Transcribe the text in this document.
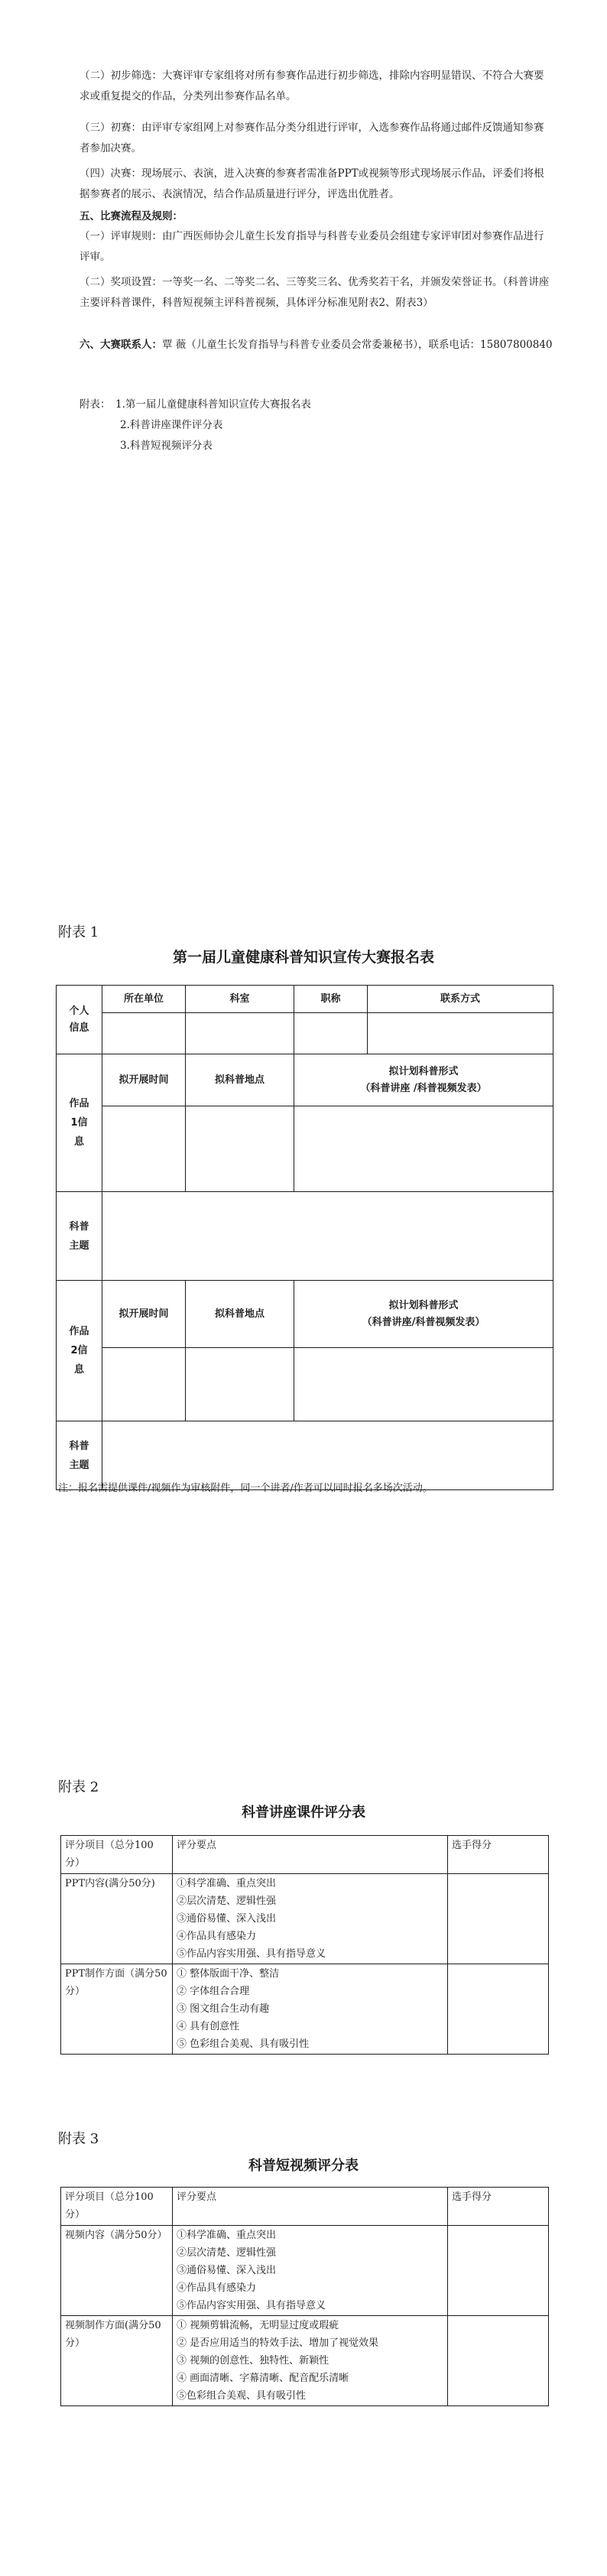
（二）初步筛选：大赛评审专家组将对所有参赛作品进行初步筛选，排除内容明显错误、不符合大赛要求或重复提交的作品，分类列出参赛作品名单。
（三）初赛：由评审专家组网上对参赛作品分类分组进行评审，入选参赛作品将通过邮件反馈通知参赛者参加决赛。
（四）决赛：现场展示、表演，进入决赛的参赛者需准备PPT或视频等形式现场展示作品，评委们将根据参赛者的展示、表演情况，结合作品质量进行评分，评选出优胜者。
五、比赛流程及规则：
（一）评审规则：由广西医师协会儿童生长发育指导与科普专业委员会组建专家评审团对参赛作品进行评审。
（二）奖项设置：一等奖一名、二等奖二名、三等奖三名、优秀奖若干名，并颁发荣誉证书。（科普讲座主要评科普课件，科普短视频主评科普视频，具体评分标准见附表2、附表3）
六、大赛联系人：覃 薇（儿童生长发育指导与科普专业委员会常委兼秘书），联系电话：15807800840
附表： 1.第一届儿童健康科普知识宣传大赛报名表
2.科普讲座课件评分表
3.科普短视频评分表
附表 1
第一届儿童健康科普知识宣传大赛报名表
个人信息	所在单位	科室	职称	联系方式

作品1信息	拟开展时间	拟科普地点	拟计划科普形式
（科普讲座 /科普视频发表）	

科普主题				

作品2信息	拟开展时间	拟科普地点	拟计划科普形式
（科普讲座/科普视频发表）	

科普主题				

注：报名需提供课件/视频作为审核附件，同一个讲者/作者可以同时报名多场次活动。
附表 2
科普讲座课件评分表
评分项目（总分100分）	评分要点	选手得分
PPT内容(满分50分)	①科学准确、重点突出
②层次清楚、逻辑性强
③通俗易懂、深入浅出
④作品具有感染力
⑤作品内容实用强、具有指导意义	

PPT制作方面（满分50分）	① 整体版面干净、整洁
② 字体组合合理
③ 图文组合生动有趣
④ 具有创意性
⑤ 色彩组合美观、具有吸引性	

附表 3
科普短视频评分表
评分项目（总分100分）	评分要点	选手得分
视频内容（满分50分）	①科学准确、重点突出
②层次清楚、逻辑性强
③通俗易懂、深入浅出
④作品具有感染力
⑤作品内容实用强、具有指导意义	

视频制作方面(满分50分）	① 视频剪辑流畅，无明显过度或瑕疵
② 是否应用适当的特效手法、增加了视觉效果
③ 视频的创意性、独特性、新颖性
④ 画面清晰、字幕清晰、配音配乐清晰
⑤色彩组合美观、具有吸引性	
